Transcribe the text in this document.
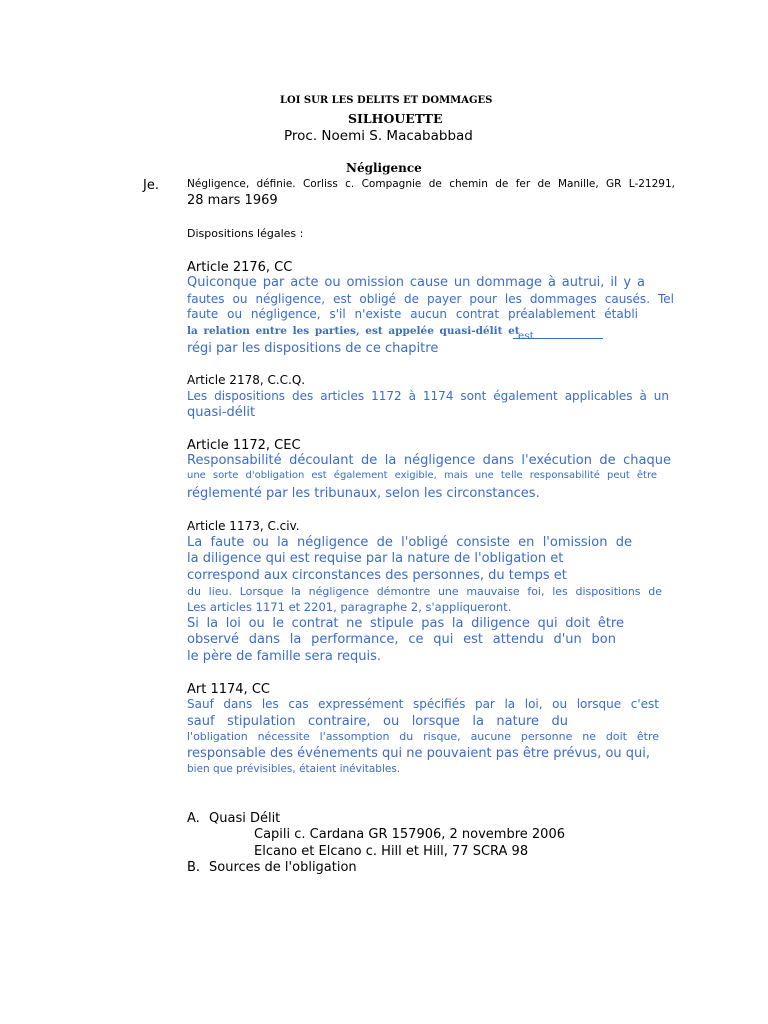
LOI SUR LES DELITS ET DOMMAGES
SILHOUETTE
Proc. Noemi S. Macababbad
Négligence
Je.	Négligence, définie. Corliss c. Compagnie de chemin de fer de Manille, GR L-21291,
28 mars 1969
Dispositions légales :
Article 2176, CC
Quiconque par acte ou omission cause un dommage à autrui, il y a
fautes ou négligence, est obligé de payer pour les dommages causés. Tel
faute ou négligence, s'il n'existe aucun contrat préalablement établi
la relation entre les parties, est appelée quasi-délit et
est
régi par les dispositions de ce chapitre
Article 2178, C.C.Q.
Les dispositions des articles 1172 à 1174 sont également applicables à un
quasi-délit
Article 1172, CEC
Responsabilité découlant de la négligence dans l'exécution de chaque
une sorte d'obligation est également exigible, mais une telle responsabilité peut être
réglementé par les tribunaux, selon les circonstances.
Article 1173, C.civ.
La faute ou la négligence de l'obligé consiste en l'omission de
la diligence qui est requise par la nature de l'obligation et
correspond aux circonstances des personnes, du temps et
du lieu. Lorsque la négligence démontre une mauvaise foi, les dispositions de
Les articles 1171 et 2201, paragraphe 2, s'appliqueront.
Si la loi ou le contrat ne stipule pas la diligence qui doit être
observé dans la performance, ce qui est attendu d'un bon
le père de famille sera requis.
Art 1174, CC
Sauf dans les cas expressément spécifiés par la loi, ou lorsque c'est
sauf stipulation contraire, ou lorsque la nature du
l'obligation nécessite l'assomption du risque, aucune personne ne doit être
responsable des événements qui ne pouvaient pas être prévus, ou qui,
bien que prévisibles, étaient inévitables.
A. Quasi Délit
Capili c. Cardana GR 157906, 2 novembre 2006
Elcano et Elcano c. Hill et Hill, 77 SCRA 98
B. Sources de l'obligation
